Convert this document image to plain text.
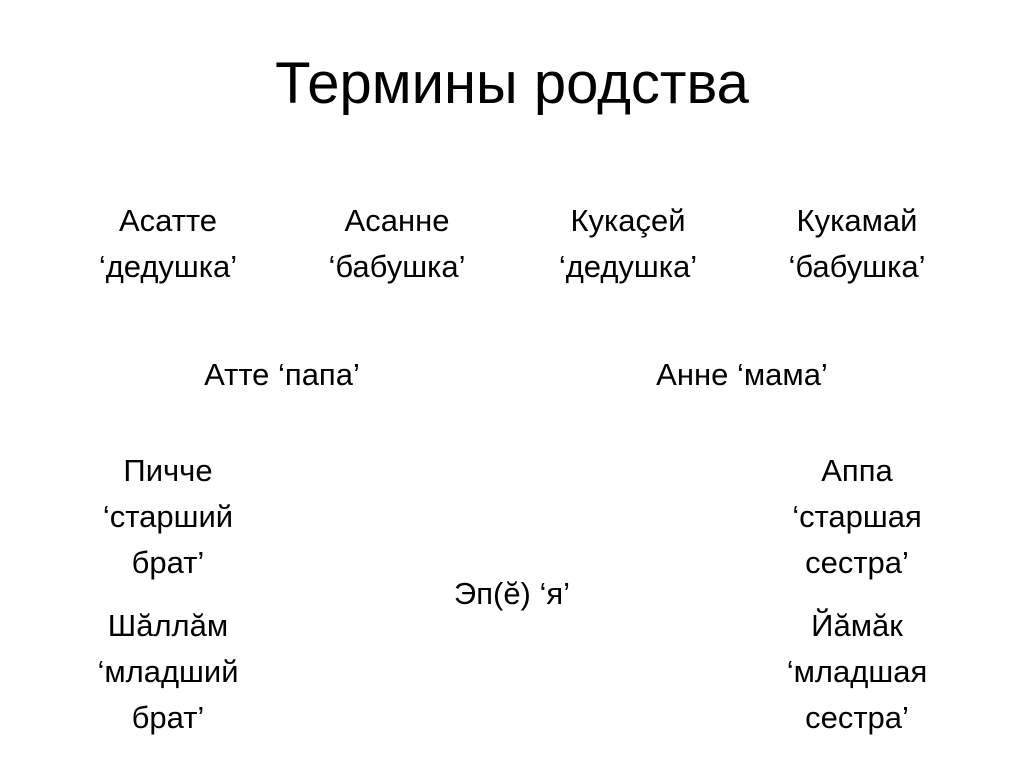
Термины родства
Асатте
‘дедушка’
Асанне
‘бабушка’
Кукаçей
‘дедушка’
Кукамай
‘бабушка’
Атте ‘папа’	Анне ‘мама’
Пичче
‘старший
брат’
Шăллăм
‘младший
брат’
Эп(ĕ) ‘я’
Аппа
‘старшая
сестра’
Йăмăк
‘младшая
сестра’
